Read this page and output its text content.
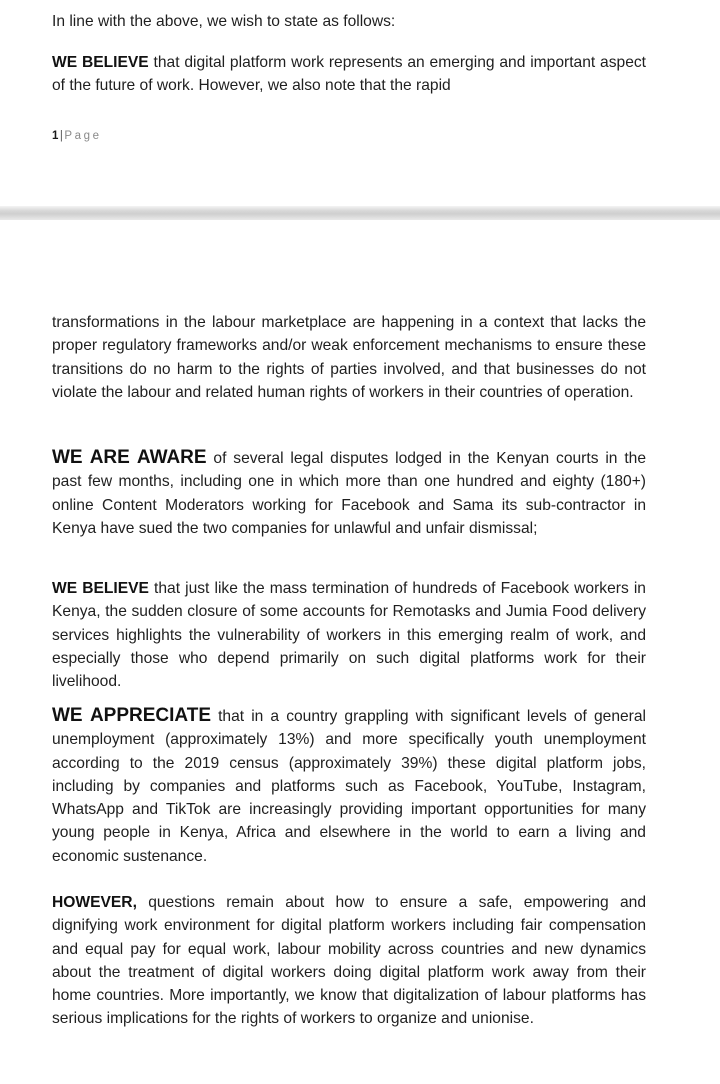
In line with the above, we wish to state as follows:

WE BELIEVE that digital platform work represents an emerging and important aspect of the future of work. However, we also note that the rapid

1|Page

transformations in the labour marketplace are happening in a context that lacks the proper regulatory frameworks and/or weak enforcement mechanisms to ensure these transitions do no harm to the rights of parties involved, and that businesses do not violate the labour and related human rights of workers in their countries of operation.

WE ARE AWARE of several legal disputes lodged in the Kenyan courts in the past few months, including one in which more than one hundred and eighty (180+) online Content Moderators working for Facebook and Sama its sub-contractor in Kenya have sued the two companies for unlawful and unfair dismissal;

WE BELIEVE that just like the mass termination of hundreds of Facebook workers in Kenya, the sudden closure of some accounts for Remotasks and Jumia Food delivery services highlights the vulnerability of workers in this emerging realm of work, and especially those who depend primarily on such digital platforms work for their livelihood.

WE APPRECIATE that in a country grappling with significant levels of general unemployment (approximately 13%) and more specifically youth unemployment according to the 2019 census (approximately 39%) these digital platform jobs, including by companies and platforms such as Facebook, YouTube, Instagram, WhatsApp and TikTok are increasingly providing important opportunities for many young people in Kenya, Africa and elsewhere in the world to earn a living and economic sustenance.

HOWEVER, questions remain about how to ensure a safe, empowering and dignifying work environment for digital platform workers including fair compensation and equal pay for equal work, labour mobility across countries and new dynamics about the treatment of digital workers doing digital platform work away from their home countries. More importantly, we know that digitalization of labour platforms has serious implications for the rights of workers to organize and unionise.
